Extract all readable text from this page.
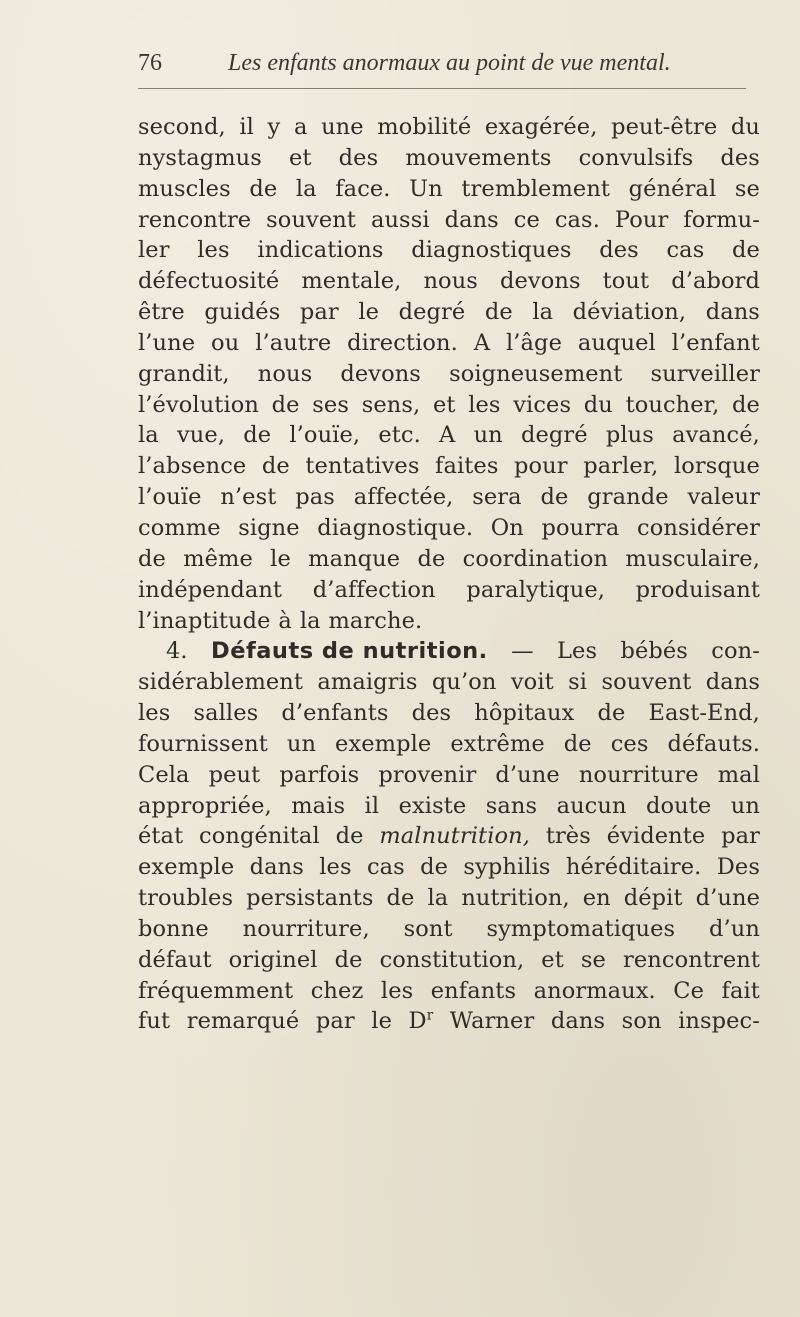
76	Les enfants anormaux au point de vue mental.
second, il y a une mobilité exagérée, peut-être du
nystagmus et des mouvements convulsifs des
muscles de la face. Un tremblement général se
rencontre souvent aussi dans ce cas. Pour formu-
ler les indications diagnostiques des cas de
défectuosité mentale, nous devons tout d’abord
être guidés par le degré de la déviation, dans
l’une ou l’autre direction. A l’âge auquel l’enfant
grandit, nous devons soigneusement surveiller
l’évolution de ses sens, et les vices du toucher, de
la vue, de l’ouïe, etc. A un degré plus avancé,
l’absence de tentatives faites pour parler, lorsque
l’ouïe n’est pas affectée, sera de grande valeur
comme signe diagnostique. On pourra considérer
de même le manque de coordination musculaire,
indépendant d’affection paralytique, produisant
l’inaptitude à la marche.
4. Défauts de nutrition. — Les bébés con-
sidérablement amaigris qu’on voit si souvent dans
les salles d’enfants des hôpitaux de East-End,
fournissent un exemple extrême de ces défauts.
Cela peut parfois provenir d’une nourriture mal
appropriée, mais il existe sans aucun doute un
état congénital de malnutrition, très évidente par
exemple dans les cas de syphilis héréditaire. Des
troubles persistants de la nutrition, en dépit d’une
bonne nourriture, sont symptomatiques d’un
défaut originel de constitution, et se rencontrent
fréquemment chez les enfants anormaux. Ce fait
fut remarqué par le $D^r$ Warner dans son inspec-
